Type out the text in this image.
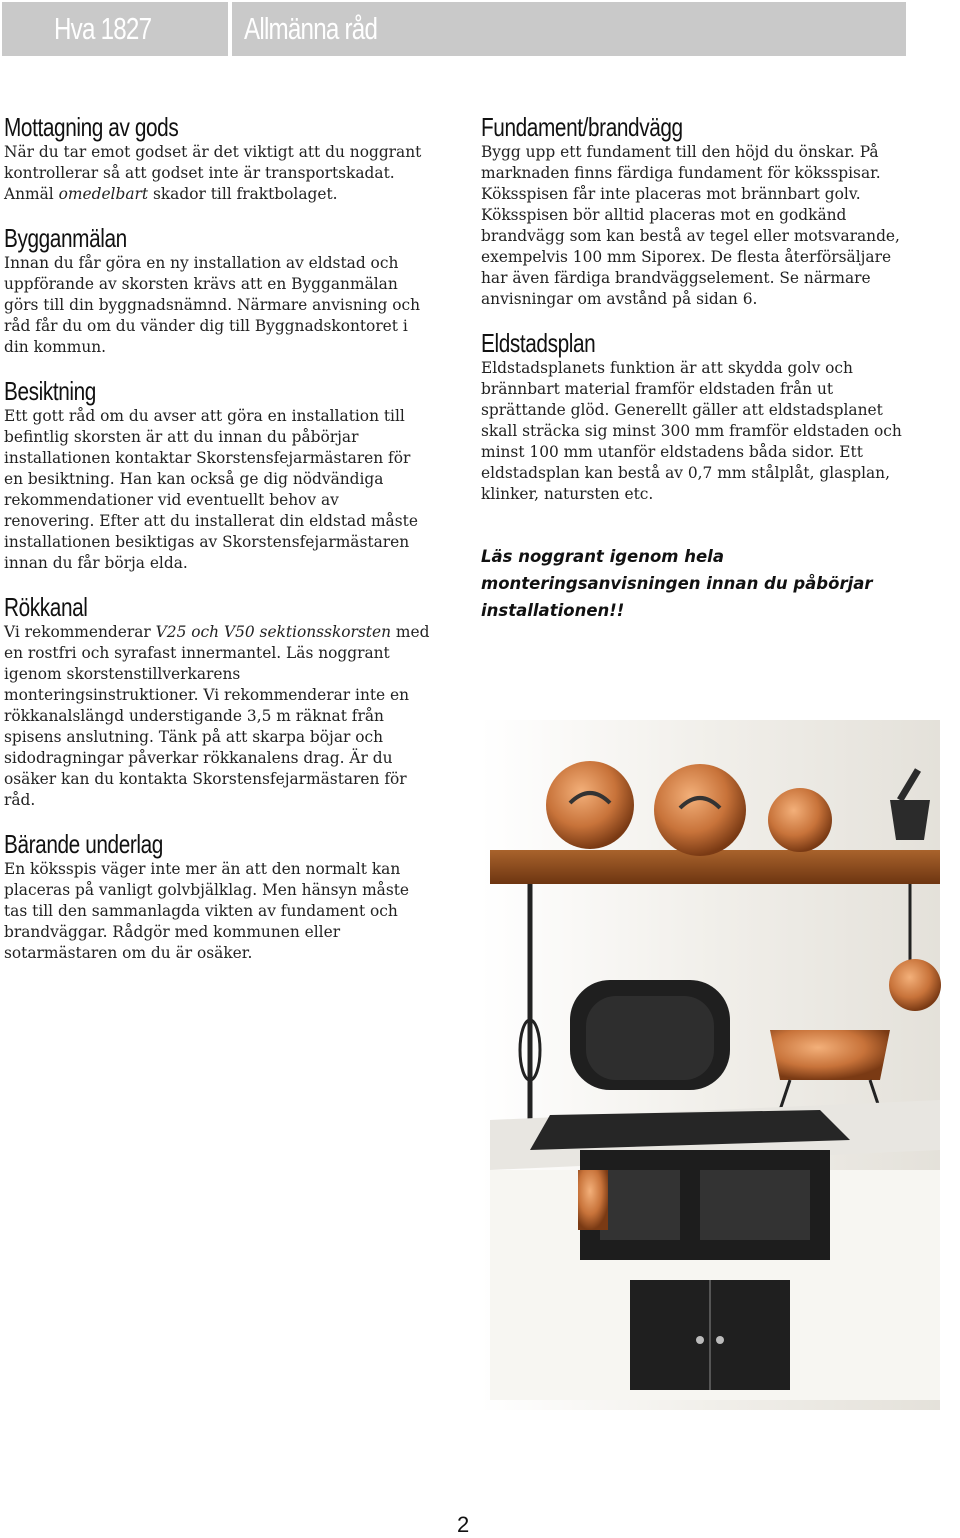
Hva 1827	Allmänna råd
Mottagning av gods

När du tar emot godset är det viktigt att du noggrant kontrollerar så att godset inte är transportskadat. Anmäl omedelbart skador till fraktbolaget.

Bygganmälan

Innan du får göra en ny installation av eldstad och uppförande av skorsten krävs att en Bygganmälan görs till din byggnadsnämnd. Närmare anvisning och råd får du om du vänder dig till Byggnadskontoret i din kommun.

Besiktning

Ett gott råd om du avser att göra en installation till befintlig skorsten är att du innan du påbörjar installationen kontaktar Skorstensfejarmästaren för en besiktning. Han kan också ge dig nödvändiga rekommendationer vid eventuellt behov av renovering. Efter att du installerat din eldstad måste installationen besiktigas av Skorstensfejarmästaren innan du får börja elda.

Rökkanal

Vi rekommenderar V25 och V50 sektionsskorsten med en rostfri och syrafast innermantel. Läs noggrant igenom skorstenstillverkarens monteringsinstruktioner. Vi rekommenderar inte en rökkanalslängd understigande 3,5 m räknat från spisens anslutning. Tänk på att skarpa böjar och sidodragningar påverkar rökkanalens drag. Är du osäker kan du kontakta Skorstensfejarmästaren för råd.

Bärande underlag

En köksspis väger inte mer än att den normalt kan placeras på vanligt golvbjälklag. Men hänsyn måste tas till den sammanlagda vikten av fundament och brandväggar. Rådgör med kommunen eller sotarmästaren om du är osäker.

Fundament/brandvägg

Bygg upp ett fundament till den höjd du önskar. På marknaden finns färdiga fundament för köksspisar. Köksspisen får inte placeras mot brännbart golv. Köksspisen bör alltid placeras mot en godkänd brandvägg som kan bestå av tegel eller motsvarande, exempelvis 100 mm Siporex. De flesta återförsäljare har även färdiga brandväggselement. Se närmare anvisningar om avstånd på sidan 6.

Eldstadsplan

Eldstadsplanets funktion är att skydda golv och brännbart material framför eldstaden från ut sprättande glöd. Generellt gäller att eldstadsplanet skall sträcka sig minst 300 mm framför eldstaden och minst 100 mm utanför eldstadens båda sidor. Ett eldstadsplan kan bestå av 0,7 mm stålplåt, glasplan, klinker, natursten etc.

Läs noggrant igenom hela monteringsanvisningen innan du påbörjar installationen!!
2
